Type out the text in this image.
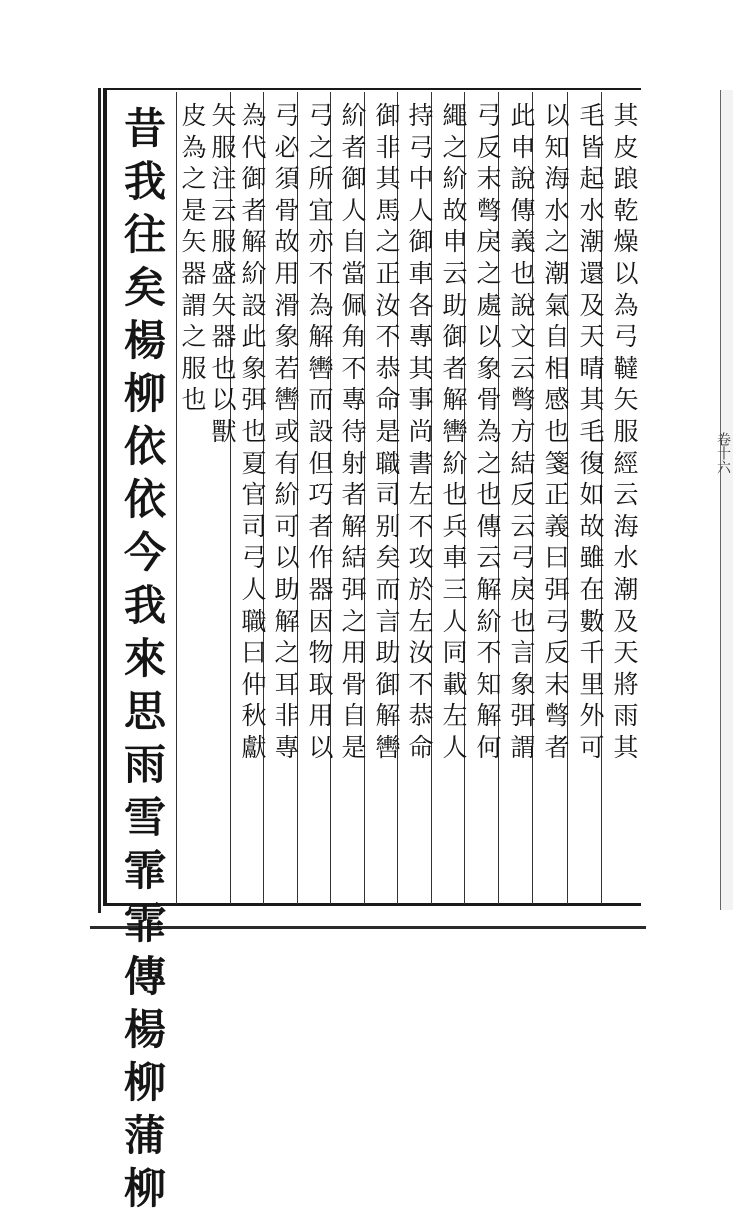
卷十六
其
皮
踉
乾
燥
以
為
弓
韃
矢
服
經
云
海
水
潮
及
天
將
雨
其
毛
皆
起
水
潮
還
及
天
晴
其
毛
復
如
故
雖
在
數
千
里
外
可
以
知
海
水
之
潮
氣
自
相
感
也
箋
正
義
曰
弭
弓
反
末
彆
者
此
申
說
傳
義
也
說
文
云
彆
方
結
反
云
弓
戾
也
言
象
弭
謂
弓
反
末
彆
戾
之
處
以
象
骨
為
之
也
傳
云
解
紒
不
知
解
何
繩
之
紒
故
申
云
助
御
者
解
轡
紒
也
兵
車
三
人
同
載
左
人
持
弓
中
人
御
車
各
專
其
事
尚
書
左
不
攻
於
左
汝
不
恭
命
御
非
其
馬
之
正
汝
不
恭
命
是
職
司
别
矣
而
言
助
御
解
轡
紒
者
御
人
自
當
佩
角
不
專
待
射
者
解
結
弭
之
用
骨
自
是
弓
之
所
宜
亦
不
為
解
轡
而
設
但
巧
者
作
器
因
物
取
用
以
弓
必
須
骨
故
用
滑
象
若
轡
或
有
紒
可
以
助
解
之
耳
非
專
為
代
御
者
解
紒
設
此
象
弭
也
夏
官
司
弓
人
職
曰
仲
秋
獻
矢
服
注
云
服
盛
矢
器
也
以
獸
皮
為
之
是
矢
器
謂
之
服
也
昔
我
往
矣
楊
柳
依
依
今
我
來
思
雨
雪
霏
霏
傳
楊
柳
蒲
柳
